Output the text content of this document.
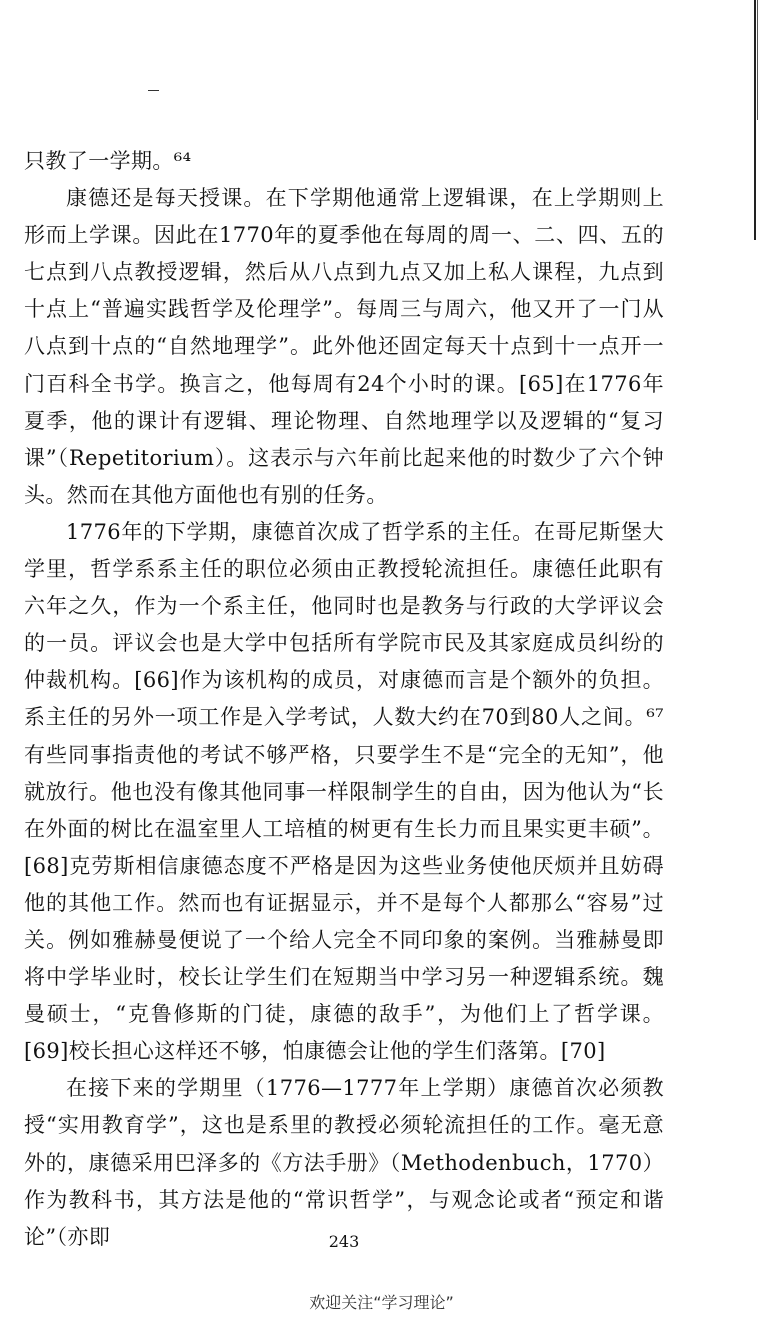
只教了一学期。⁶⁴

康德还是每天授课。在下学期他通常上逻辑课，在上学期则上形而上学课。因此在1770年的夏季他在每周的周一、二、四、五的七点到八点教授逻辑，然后从八点到九点又加上私人课程，九点到十点上“普遍实践哲学及伦理学”。每周三与周六，他又开了一门从八点到十点的“自然地理学”。此外他还固定每天十点到十一点开一门百科全书学。换言之，他每周有24个小时的课。[65]在1776年夏季，他的课计有逻辑、理论物理、自然地理学以及逻辑的“复习课”（Repetitorium）。这表示与六年前比起来他的时数少了六个钟头。然而在其他方面他也有别的任务。

1776年的下学期，康德首次成了哲学系的主任。在哥尼斯堡大学里，哲学系系主任的职位必须由正教授轮流担任。康德任此职有六年之久，作为一个系主任，他同时也是教务与行政的大学评议会的一员。评议会也是大学中包括所有学院市民及其家庭成员纠纷的仲裁机构。[66]作为该机构的成员，对康德而言是个额外的负担。系主任的另外一项工作是入学考试，人数大约在70到80人之间。⁶⁷有些同事指责他的考试不够严格，只要学生不是“完全的无知”，他就放行。他也没有像其他同事一样限制学生的自由，因为他认为“长在外面的树比在温室里人工培植的树更有生长力而且果实更丰硕”。[68]克劳斯相信康德态度不严格是因为这些业务使他厌烦并且妨碍他的其他工作。然而也有证据显示，并不是每个人都那么“容易”过关。例如雅赫曼便说了一个给人完全不同印象的案例。当雅赫曼即将中学毕业时，校长让学生们在短期当中学习另一种逻辑系统。魏曼硕士，“克鲁修斯的门徒，康德的敌手”，为他们上了哲学课。[69]校长担心这样还不够，怕康德会让他的学生们落第。[70]

在接下来的学期里（1776—1777年上学期）康德首次必须教授“实用教育学”，这也是系里的教授必须轮流担任的工作。毫无意外的，康德采用巴泽多的《方法手册》（Methodenbuch，1770）作为教科书，其方法是他的“常识哲学”，与观念论或者“预定和谐论”（亦即	243
欢迎关注“学习理论”
